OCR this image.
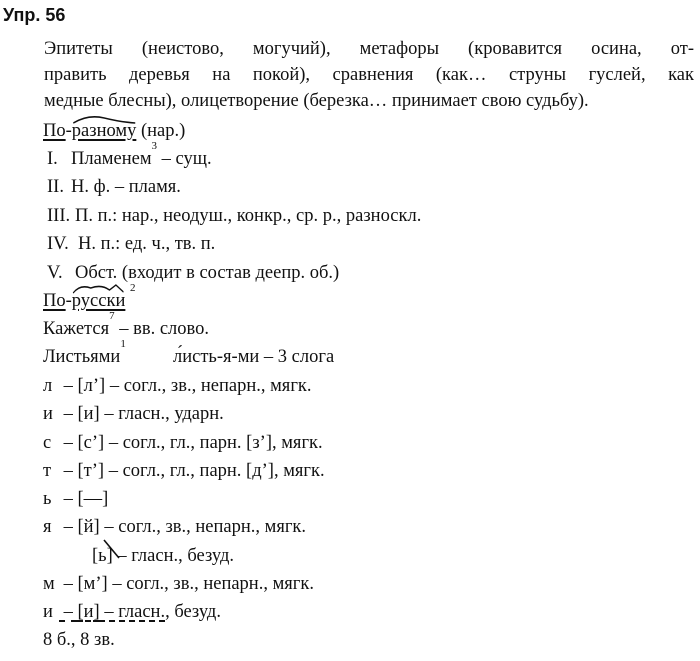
Упр. 56
Эпитеты (неистово, могучий), метафоры (кровавится осина, от-
править деревья на покой), сравнения (как… струны гуслей, как
медные блесны), олицетворение (березка… принимает свою судьбу).
По-
разному (нар.)
I. Пламенем$^3$ – сущ.
II. Н. ф. – пламя.
III. П. п.: нар., неодуш., конкр., ср. р., разноскл.
IV. Н. п.: ед. ч., тв. п.
V. Обст. (входит в состав деепр. об.)
По-
русски $^2$
Кажется$^7$ – вв. слово.
Листьями$^1$л́исть-я-ми – 3 слога
л – [л’] – согл., зв., непарн., мягк.
и – [и] – гласн., ударн.
с – [с’] – согл., гл., парн. [з’], мягк.
т – [т’] – согл., гл., парн. [д’], мягк.
ь – [—]
я – [й] – согл., зв., непарн., мягк.
[ь] – гласн., безуд.
м – [м’] – согл., зв., непарн., мягк.
и – [и] – гласн., безуд.
8 б., 8 зв.
